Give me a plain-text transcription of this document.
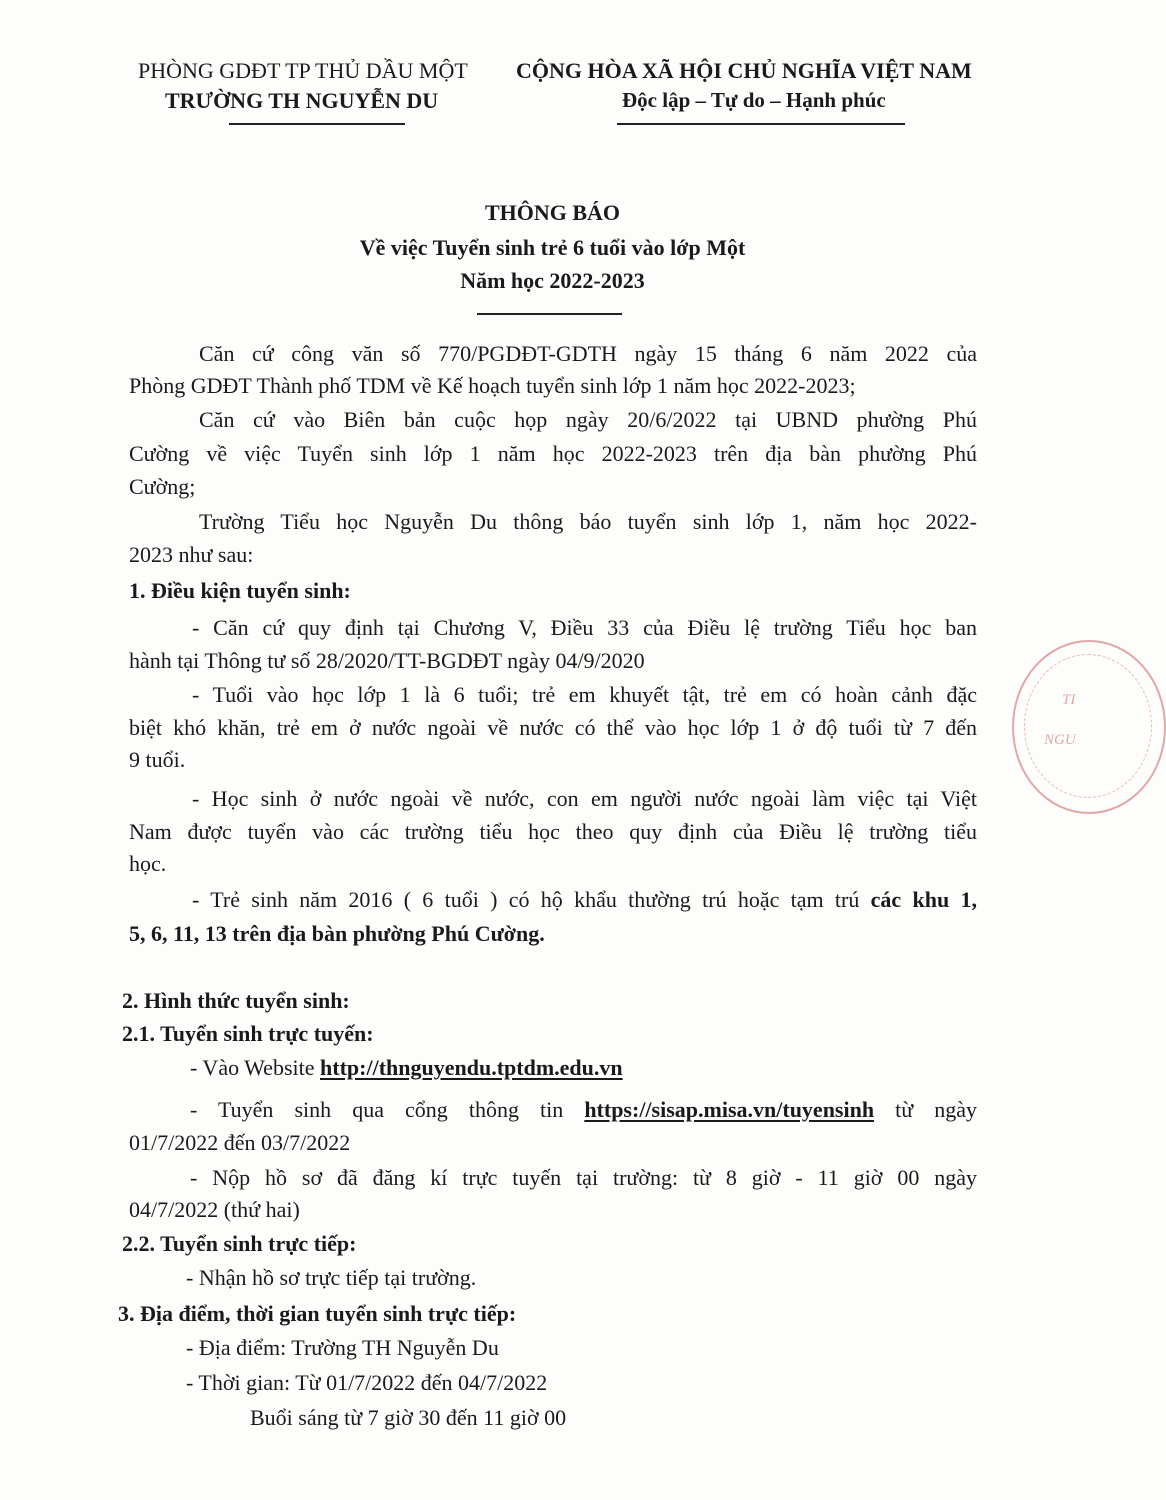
PHÒNG GDĐT TP THỦ DẦU MỘT
TRƯỜNG TH NGUYỄN DU
CỘNG HÒA XÃ HỘI CHỦ NGHĨA VIỆT NAM
Độc lập – Tự do – Hạnh phúc
THÔNG BÁO
Về việc Tuyển sinh trẻ 6 tuổi vào lớp Một
Năm học 2022-2023
Căn cứ công văn số 770/PGDĐT-GDTH ngày 15 tháng 6 năm 2022 của
Phòng GDĐT Thành phố TDM về Kế hoạch tuyển sinh lớp 1 năm học 2022-2023;
Căn cứ vào Biên bản cuộc họp ngày 20/6/2022 tại UBND phường Phú
Cường về việc Tuyển sinh lớp 1 năm học 2022-2023 trên địa bàn phường Phú
Cường;
Trường Tiểu học Nguyễn Du thông báo tuyển sinh lớp 1, năm học 2022-
2023 như sau:
1. Điều kiện tuyển sinh:
- Căn cứ quy định tại Chương V, Điều 33 của Điều lệ trường Tiểu học ban
hành tại Thông tư số 28/2020/TT-BGDĐT ngày 04/9/2020
- Tuổi vào học lớp 1 là 6 tuổi; trẻ em khuyết tật, trẻ em có hoàn cảnh đặc
biệt khó khăn, trẻ em ở nước ngoài về nước có thể vào học lớp 1 ở độ tuổi từ 7 đến
9 tuổi.
- Học sinh ở nước ngoài về nước, con em người nước ngoài làm việc tại Việt
Nam được tuyển vào các trường tiểu học theo quy định của Điều lệ trường tiểu
học.
- Trẻ sinh năm 2016 ( 6 tuổi ) có hộ khẩu thường trú hoặc tạm trú các khu 1,
5, 6, 11, 13 trên địa bàn phường Phú Cường.
2. Hình thức tuyển sinh:
2.1. Tuyển sinh trực tuyến:
- Vào Website http://thnguyendu.tptdm.edu.vn
- Tuyển sinh qua cổng thông tin https://sisap.misa.vn/tuyensinh từ ngày
01/7/2022 đến 03/7/2022
- Nộp hồ sơ đã đăng kí trực tuyến tại trường: từ 8 giờ - 11 giờ 00 ngày
04/7/2022 (thứ hai)
2.2. Tuyển sinh trực tiếp:
- Nhận hồ sơ trực tiếp tại trường.
3. Địa điểm, thời gian tuyển sinh trực tiếp:
- Địa điểm: Trường TH Nguyễn Du
- Thời gian: Từ 01/7/2022 đến 04/7/2022
Buổi sáng từ 7 giờ 30 đến 11 giờ 00
TI
NGU
